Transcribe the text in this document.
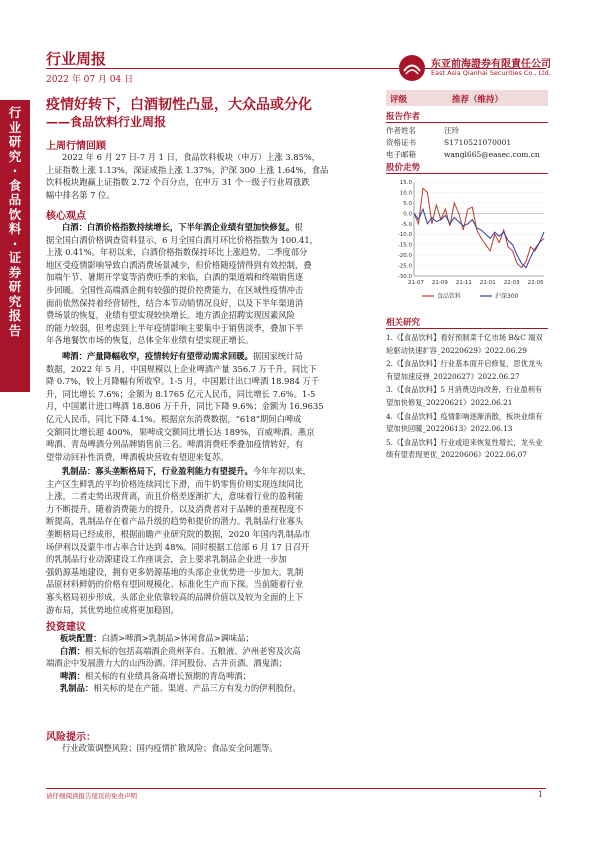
行业周报
2022 年 07 月 04 日
东亚前海證券有限責任公司
East Asia Qianhai Securities Co., Ltd.
行
业
研
究
·
食
品
饮
料
·
证
券
研
究
报
告
疫情好转下，白酒韧性凸显，大众品或分化
——食品饮料行业周报
上周行情回顾
2022 年 6 月 27 日-7 月 1 日，食品饮料板块（申万）上涨 3.85%，
上证指数上涨 1.13%，深证成指上涨 1.37%，沪深 300 上涨 1.64%，食品
饮料板块跑赢上证指数 2.72 个百分点，在申万 31 个一级子行业周涨跌
幅中排名第 7 位。
核心观点
白酒：白酒价格指数持续增长，下半年酒企业绩有望加快修复。根
据全国白酒价格调查资料显示，6 月全国白酒月环比价格指数为 100.41，
上涨 0.41%。年初以来，白酒价格指数保持环比上涨趋势。二季度部分
地区受疫情影响导致白酒消费场景减少，但价格随疫情得到有效控制，叠
加端午节、暑期开学宴等消费旺季的来临，白酒的渠道端和终端销售逐
步回暖。全国性高端酒企拥有较强的提价控费能力，在区域性疫情冲击
面前依然保持着经营韧性，结合本节动销情况良好，以及下半年渠道消
费场景的恢复，业绩有望实现较快增长。地方酒企招聘实现因素风险
的能力较弱，但考虑到上半年疫情影响主要集中于销售淡季，叠加下半
年各地餐饮市场的恢复，总体全年业绩有望实现正增长。
啤酒：产量降幅收窄，疫情转好有望带动需求回暖。据国家统计局
数据，2022 年 5 月，中国规模以上企业啤酒产量 356.7 万千升，同比下
降 0.7%，较上月降幅有所收窄。1-5 月，中国累计出口啤酒 18.984 万千
升，同比增长 7.6%；金额为 8.1765 亿元人民币，同比增长 7.6%。1-5
月，中国累计进口啤酒 18.806 万千升，同比下降 9.6%；金额为 16.9635
亿元人民币，同比下降 4.1%。根据京东消费数据，“618”期间白啤成
交额同比增长超 400%，果啤成交额同比增长达 189%，百威啤酒、燕京
啤酒、青岛啤酒分列品牌销售前三名。啤酒消费旺季叠加疫情转好，有
望带动回补性消费，啤酒板块营收有望迎来复苏。
乳制品：寡头垄断格局下，行业盈利能力有望提升。今年年初以来，
主产区生鲜乳的平均价格连续同比下滑，而牛奶零售价则实现连续同比
上涨，二者走势出现背离，而且价格差逐渐扩大，意味着行业的盈利能
力不断提升。随着消费能力的提升，以及消费者对于品牌的重视程度不
断提高，乳制品存在着产品升级的趋势和提价的潜力。乳制品行业寡头
垄断格局已经成形，根据前瞻产业研究院的数据，2020 年国内乳制品市
场伊利以及蒙牛市占率合计达到 48%。同时根据工信部 6 月 17 日召开
的乳制品行业动源建设工作座谈会，会上要求乳制品企业进一步加
强奶源基地建设，拥有更多奶源基地的头部企业优势进一步加大。乳制
品原材料鲜奶的价格有望回规模化、标准化生产而下探。当前随着行业
寡头格局初步形成，头部企业依靠较高的品牌价值以及较为全面的上下
游布局，其优势地位或将更加稳固。
投资建议
板块配置：白酒>啤酒>乳制品>休闲食品>调味品；
白酒：相关标的包括高端酒企贵州茅台、五粮液、泸州老窖及次高
端酒企中发展潜力大的山西汾酒、洋河股份、古井贡酒、酒鬼酒；
啤酒：相关标的有业绩具备高增长预期的青岛啤酒；
乳制品：相关标的是在产能、渠道、产品三方有发力的伊利股份。
风险提示：
行业政策调整风险；国内疫情扩散风险；食品安全问题等。
评级	推荐（维持）
报告作者
作者姓名	汪玲
资格证书	S1710521070001
电子邮箱	wangl665@easec.com.cn
股价走势
15.0
10.0
5.0
0.0
-5.0
-10.0
-15.0
-20.0
-25.0
-30.0
21-07 21-09 21-11 22-01 22-03 22-05
食品饮料	沪深300
相关研究
1.《【食品饮料】看好预制菜千亿市场 B&C 端双轮驱动快速扩容_20220629》2022.06.29
2.《【食品饮料】行业基本面开启修复，思优龙头有望加速反弹_20220627》2022.06.27
3.《【食品饮料】5 月消费迈向改善，行业盈利有望加快修复_20220621》2022.06.21
4.《【食品饮料】疫情影响逐渐消散，板块业绩有望加快回暖_20220613》2022.06.13
5.《【食品饮料】行业或迎来恢复性增长，龙头业绩有望表现更优_20220606》2022.06.07
请仔细阅读报告尾页的免责声明	1
